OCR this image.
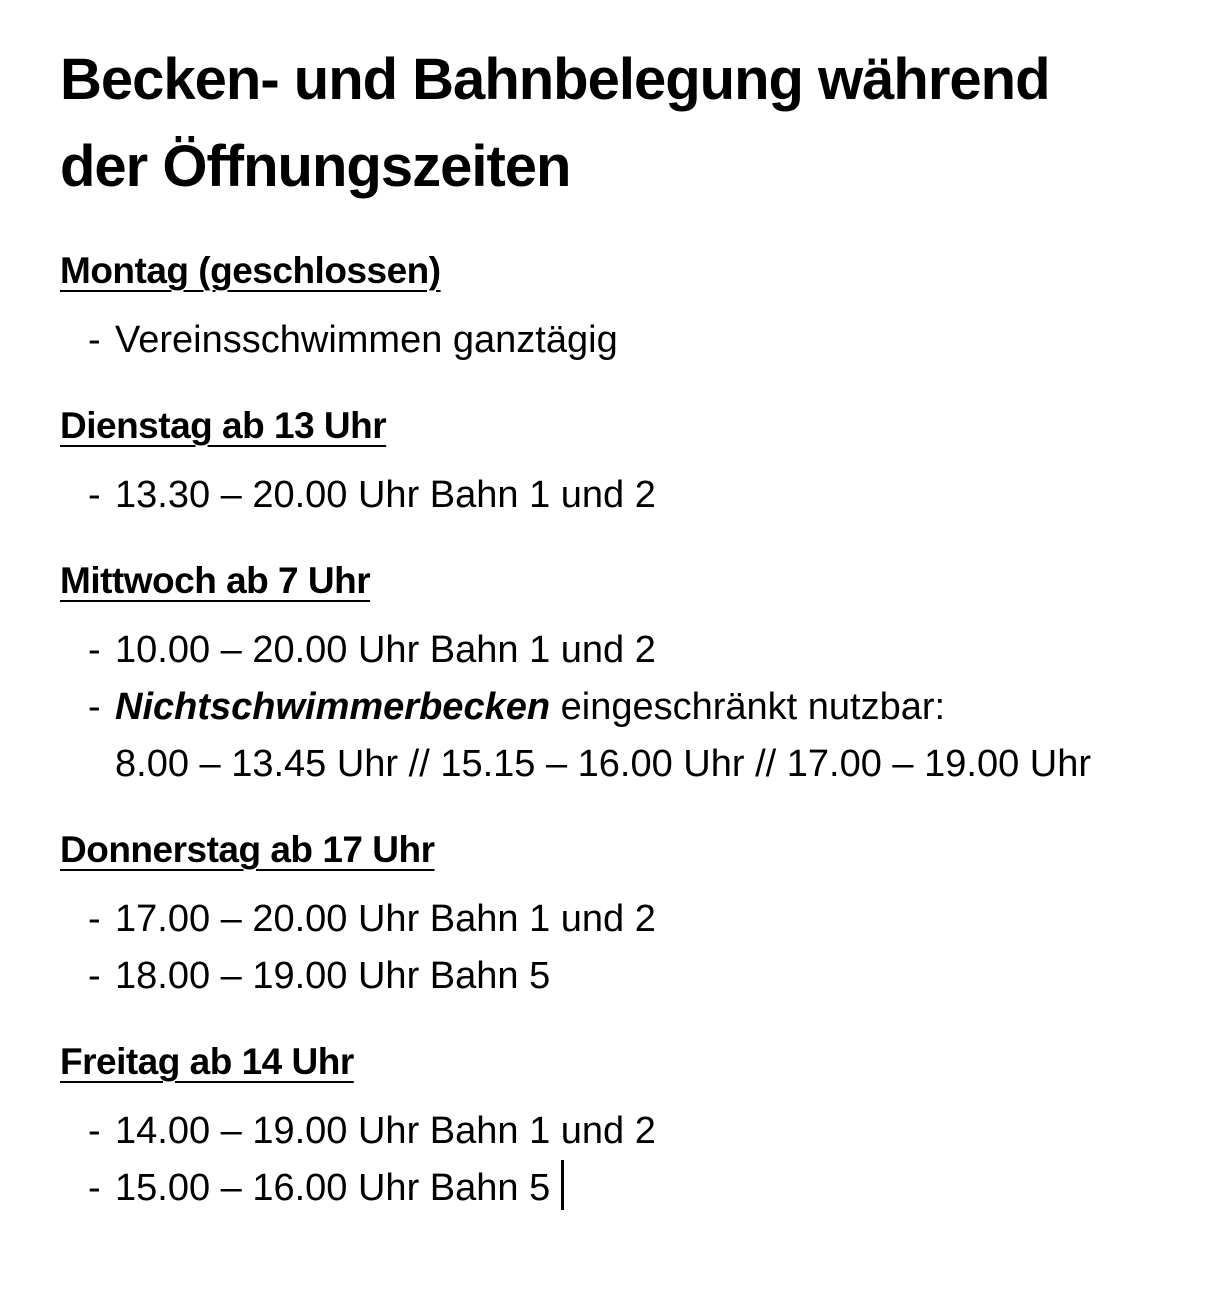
Becken- und Bahnbelegung während
der Öffnungszeiten
Montag (geschlossen)
- Vereinsschwimmen ganztägig
Dienstag ab 13 Uhr
- 13.30 – 20.00 Uhr Bahn 1 und 2
Mittwoch ab 7 Uhr
- 10.00 – 20.00 Uhr Bahn 1 und 2
- Nichtschwimmerbecken eingeschränkt nutzbar:
8.00 – 13.45 Uhr // 15.15 – 16.00 Uhr // 17.00 – 19.00 Uhr
Donnerstag ab 17 Uhr
- 17.00 – 20.00 Uhr Bahn 1 und 2
- 18.00 – 19.00 Uhr Bahn 5
Freitag ab 14 Uhr
- 14.00 – 19.00 Uhr Bahn 1 und 2
- 15.00 – 16.00 Uhr Bahn 5
